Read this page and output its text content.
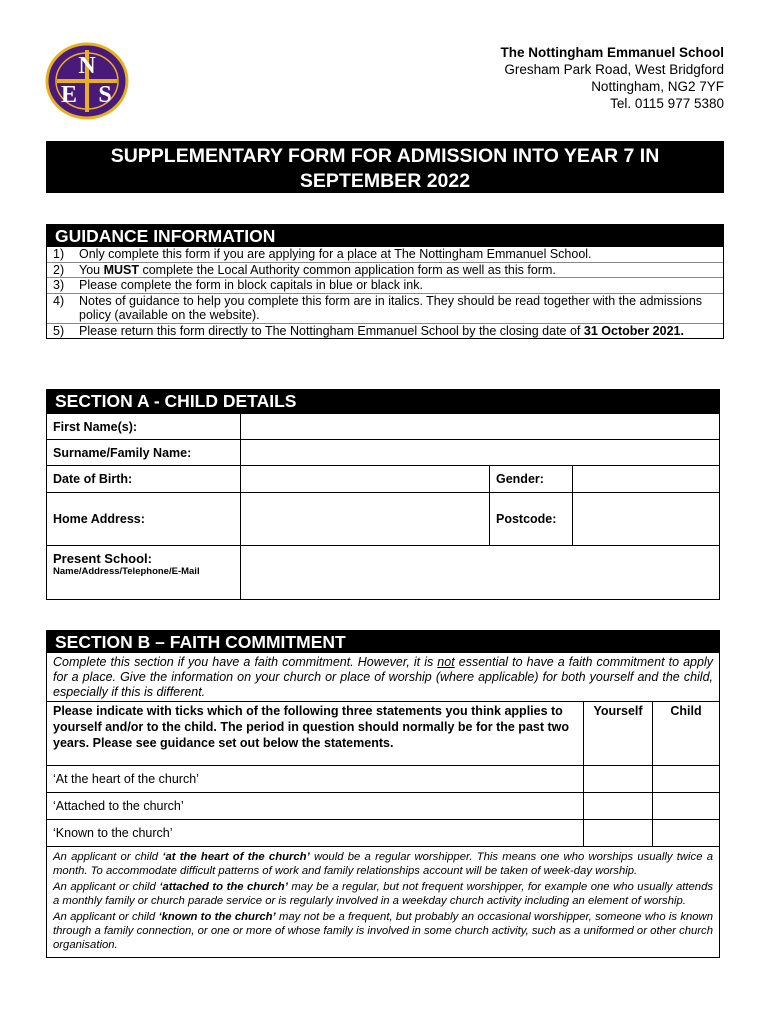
N
E S
The Nottingham Emmanuel School
Gresham Park Road, West Bridgford
Nottingham, NG2 7YF
Tel. 0115 977 5380
SUPPLEMENTARY FORM FOR ADMISSION INTO YEAR 7 IN
SEPTEMBER 2022
GUIDANCE INFORMATION
1)	Only complete this form if you are applying for a place at The Nottingham Emmanuel School.
2)	You MUST complete the Local Authority common application form as well as this form.
3)	Please complete the form in block capitals in blue or black ink.
4)	Notes of guidance to help you complete this form are in italics. They should be read together with the admissions policy (available on the website).
5)	Please return this form directly to The Nottingham Emmanuel School by the closing date of 31 October 2021.
SECTION A - CHILD DETAILS
First Name(s):			
Surname/Family Name:			
Date of Birth:		Gender:	
Home Address:		Postcode:	

Present School:
Name/Address/Telephone/E-Mail			

SECTION B – FAITH COMMITMENT
Complete this section if you have a faith commitment. However, it is not essential to have a faith commitment to apply for a place. Give the information on your church or place of worship (where applicable) for both yourself and the child, especially if this is different.
Please indicate with ticks which of the following three statements you think applies to yourself and/or to the child. The period in question should normally be for the past two years. Please see guidance set out below the statements.	Yourself	Child
‘At the heart of the church’		
‘Attached to the church’		
‘Known to the church’		

An applicant or child ‘at the heart of the church’ would be a regular worshipper. This means one who worships usually twice a month. To accommodate difficult patterns of work and family relationships account will be taken of week-day worship.

An applicant or child ‘attached to the church’ may be a regular, but not frequent worshipper, for example one who usually attends a monthly family or church parade service or is regularly involved in a weekday church activity including an element of worship.

An applicant or child ‘known to the church’ may not be a frequent, but probably an occasional worshipper, someone who is known through a family connection, or one or more of whose family is involved in some church activity, such as a uniformed or other church organisation.
